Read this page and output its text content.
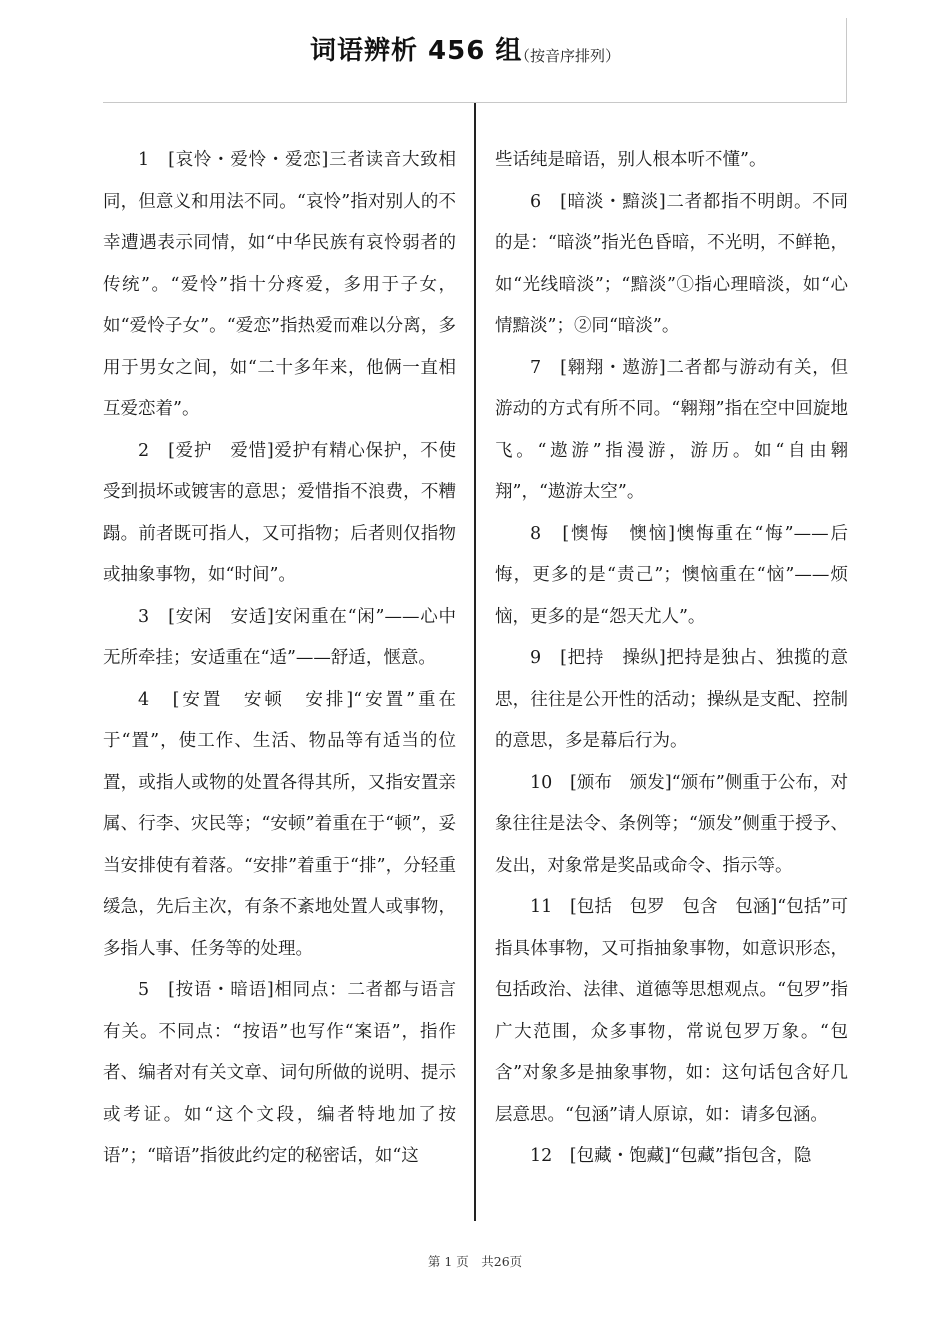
词语辨析 456 组
（按音序排列）

1　[哀怜・爱怜・爱恋]三者读音大致相同，但意义和用法不同。“哀怜”指对别人的不幸遭遇表示同情，如“中华民族有哀怜弱者的传统”。“爱怜”指十分疼爱，多用于子女，如“爱怜子女”。“爱恋”指热爱而难以分离，多用于男女之间，如“二十多年来，他俩一直相互爱恋着”。

2　[爱护　爱惜]爱护有精心保护，不使受到损坏或镀害的意思；爱惜指不浪费，不糟蹋。前者既可指人，又可指物；后者则仅指物或抽象事物，如“时间”。

3　[安闲　安适]安闲重在“闲”——心中无所牵挂；安适重在“适”——舒适，惬意。

4　[安置　安顿　安排]“安置”重在于“置”，使工作、生活、物品等有适当的位置，或指人或物的处置各得其所，又指安置亲属、行李、灾民等；“安顿”着重在于“顿”，妥当安排使有着落。“安排”着重于“排”，分轻重缓急，先后主次，有条不紊地处置人或事物，多指人事、任务等的处理。

5　[按语・暗语]相同点：二者都与语言有关。不同点：“按语”也写作“案语”，指作者、编者对有关文章、词句所做的说明、提示或考证。如“这个文段，编者特地加了按语”；“暗语”指彼此约定的秘密话，如“这

些话纯是暗语，别人根本听不懂”。

6　[暗淡・黯淡]二者都指不明朗。不同的是：“暗淡”指光色昏暗，不光明，不鲜艳，如“光线暗淡”；“黯淡”①指心理暗淡，如“心情黯淡”；②同“暗淡”。

7　[翱翔・遨游]二者都与游动有关，但游动的方式有所不同。“翱翔”指在空中回旋地飞。“遨游”指漫游，游历。如“自由翱翔”，“遨游太空”。

8　[懊悔　懊恼]懊悔重在“悔”——后悔，更多的是“责己”；懊恼重在“恼”——烦恼，更多的是“怨天尤人”。

9　[把持　操纵]把持是独占、独揽的意思，往往是公开性的活动；操纵是支配、控制的意思，多是幕后行为。

10　[颁布　颁发]“颁布”侧重于公布，对象往往是法令、条例等；“颁发”侧重于授予、发出，对象常是奖品或命令、指示等。

11　[包括　包罗　包含　包涵]“包括”可指具体事物，又可指抽象事物，如意识形态，包括政治、法律、道德等思想观点。“包罗”指广大范围，众多事物，常说包罗万象。“包含”对象多是抽象事物，如：这句话包含好几层意思。“包涵”请人原谅，如：请多包涵。

12　[包藏・饱藏]“包藏”指包含，隐

第 1 页　共26页
